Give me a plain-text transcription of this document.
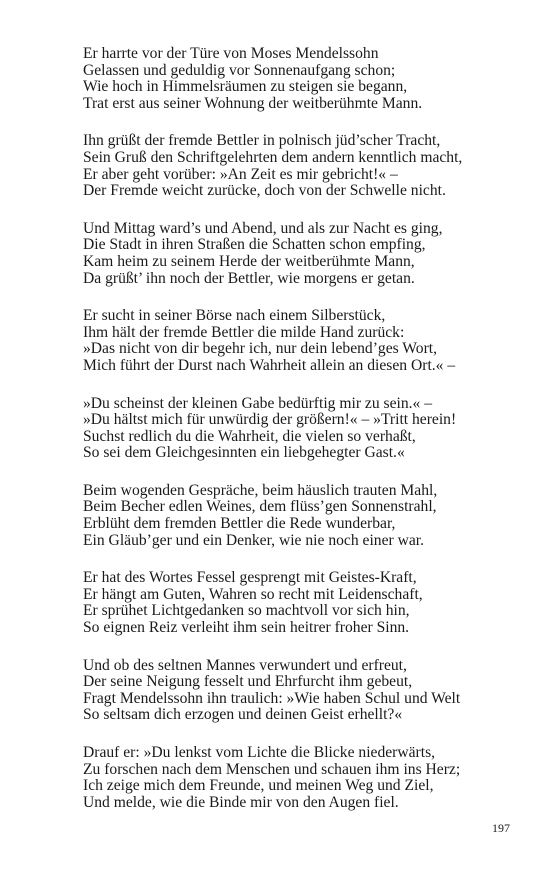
Er harrte vor der Türe von Moses Mendelssohn
Gelassen und geduldig vor Sonnenaufgang schon;
Wie hoch in Himmelsräumen zu steigen sie begann,
Trat erst aus seiner Wohnung der weitberühmte Mann.
Ihn grüßt der fremde Bettler in polnisch jüd’scher Tracht,
Sein Gruß den Schriftgelehrten dem andern kenntlich macht,
Er aber geht vorüber: »An Zeit es mir gebricht!« –
Der Fremde weicht zurücke, doch von der Schwelle nicht.
Und Mittag ward’s und Abend, und als zur Nacht es ging,
Die Stadt in ihren Straßen die Schatten schon empfing,
Kam heim zu seinem Herde der weitberühmte Mann,
Da grüßt’ ihn noch der Bettler, wie morgens er getan.
Er sucht in seiner Börse nach einem Silberstück,
Ihm hält der fremde Bettler die milde Hand zurück:
»Das nicht von dir begehr ich, nur dein lebend’ges Wort,
Mich führt der Durst nach Wahrheit allein an diesen Ort.« –
»Du scheinst der kleinen Gabe bedürftig mir zu sein.« –
»Du hältst mich für unwürdig der größern!« – »Tritt herein!
Suchst redlich du die Wahrheit, die vielen so verhaßt,
So sei dem Gleichgesinnten ein liebgehegter Gast.«
Beim wogenden Gespräche, beim häuslich trauten Mahl,
Beim Becher edlen Weines, dem flüss’gen Sonnenstrahl,
Erblüht dem fremden Bettler die Rede wunderbar,
Ein Gläub’ger und ein Denker, wie nie noch einer war.
Er hat des Wortes Fessel gesprengt mit Geistes-Kraft,
Er hängt am Guten, Wahren so recht mit Leidenschaft,
Er sprühet Lichtgedanken so machtvoll vor sich hin,
So eignen Reiz verleiht ihm sein heitrer froher Sinn.
Und ob des seltnen Mannes verwundert und erfreut,
Der seine Neigung fesselt und Ehrfurcht ihm gebeut,
Fragt Mendelssohn ihn traulich: »Wie haben Schul und Welt
So seltsam dich erzogen und deinen Geist erhellt?«
Drauf er: »Du lenkst vom Lichte die Blicke niederwärts,
Zu forschen nach dem Menschen und schauen ihm ins Herz;
Ich zeige mich dem Freunde, und meinen Weg und Ziel,
Und melde, wie die Binde mir von den Augen fiel.
197
